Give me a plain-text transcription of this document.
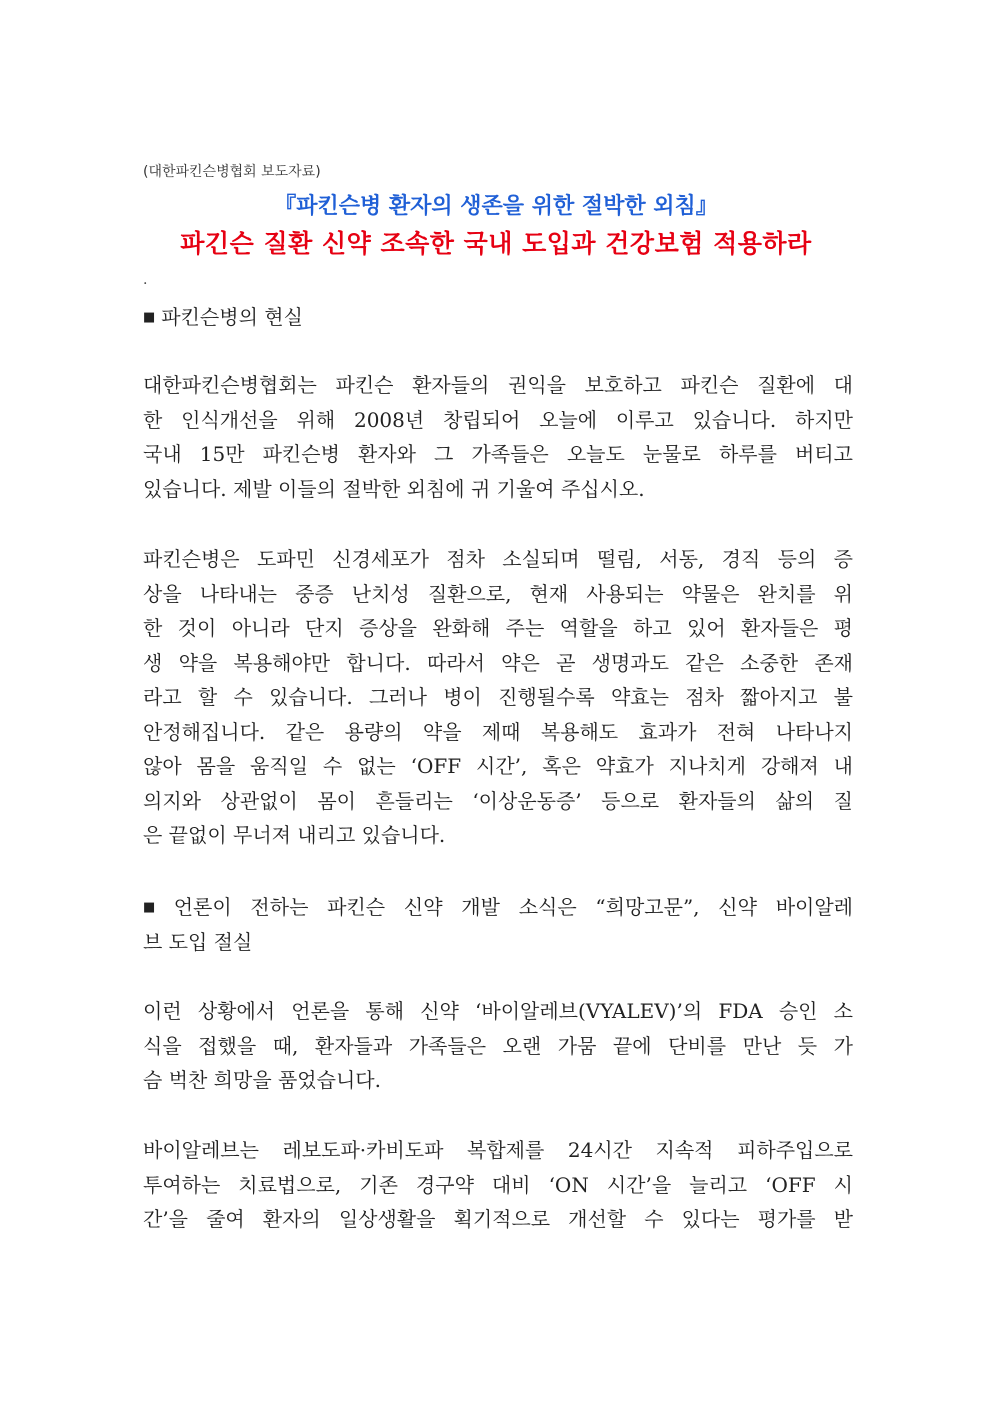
(대한파킨슨병협회 보도자료)
『파킨슨병 환자의 생존을 위한 절박한 외침』
파긴슨 질환 신약 조속한 국내 도입과 건강보험 적용하라
.
■ 파킨슨병의 현실
대한파킨슨병협회는 파킨슨 환자들의 권익을 보호하고 파킨슨 질환에 대
한 인식개선을 위해 2008년 창립되어 오늘에 이루고 있습니다. 하지만
국내 15만 파킨슨병 환자와 그 가족들은 오늘도 눈물로 하루를 버티고
있습니다. 제발 이들의 절박한 외침에 귀 기울여 주십시오.
파킨슨병은 도파민 신경세포가 점차 소실되며 떨림, 서동, 경직 등의 증
상을 나타내는 중증 난치성 질환으로, 현재 사용되는 약물은 완치를 위
한 것이 아니라 단지 증상을 완화해 주는 역할을 하고 있어 환자들은 평
생 약을 복용해야만 합니다. 따라서 약은 곧 생명과도 같은 소중한 존재
라고 할 수 있습니다. 그러나 병이 진행될수록 약효는 점차 짧아지고 불
안정해집니다. 같은 용량의 약을 제때 복용해도 효과가 전혀 나타나지
않아 몸을 움직일 수 없는 ‘OFF 시간’, 혹은 약효가 지나치게 강해져 내
의지와 상관없이 몸이 흔들리는 ‘이상운동증’ 등으로 환자들의 삶의 질
은 끝없이 무너져 내리고 있습니다.
■ 언론이 전하는 파킨슨 신약 개발 소식은 “희망고문”, 신약 바이알레
브 도입 절실
이런 상황에서 언론을 통해 신약 ‘바이알레브(VYALEV)’의 FDA 승인 소
식을 접했을 때, 환자들과 가족들은 오랜 가뭄 끝에 단비를 만난 듯 가
슴 벅찬 희망을 품었습니다.
바이알레브는 레보도파·카비도파 복합제를 24시간 지속적 피하주입으로
투여하는 치료법으로, 기존 경구약 대비 ‘ON 시간’을 늘리고 ‘OFF 시
간’을 줄여 환자의 일상생활을 획기적으로 개선할 수 있다는 평가를 받
